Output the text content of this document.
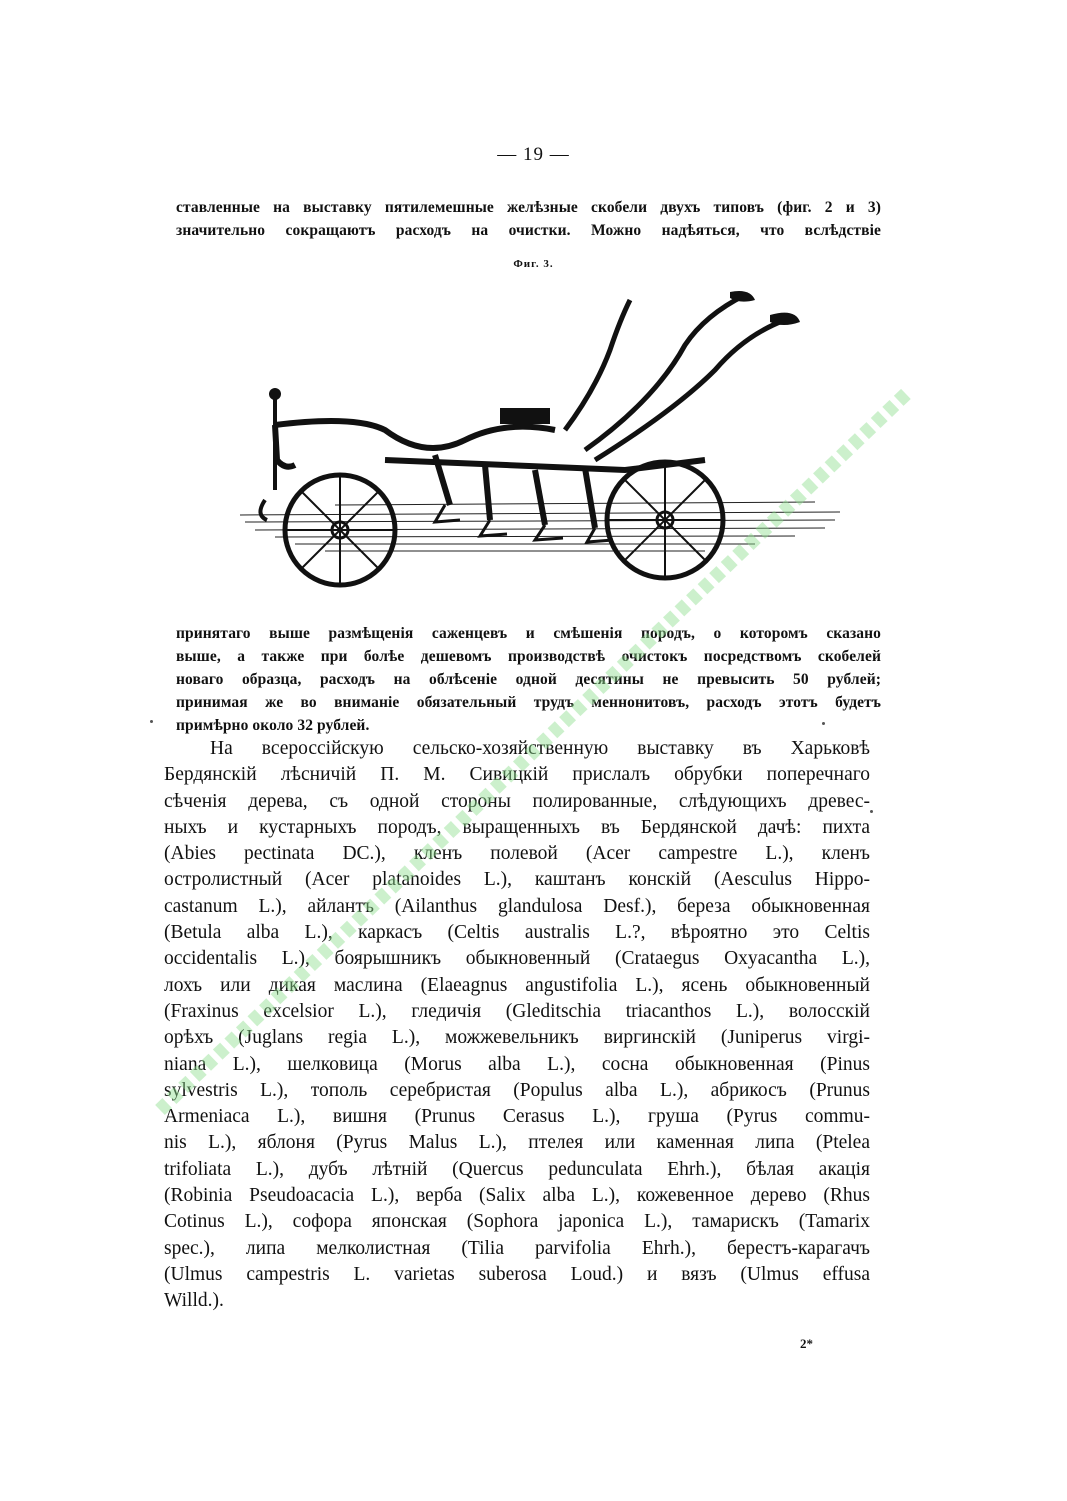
— 19 —
ставленные на выставку пятилемешные желѣзные скобели двухъ типовъ (фиг. 2 и 3)
значительно сокращаютъ расходъ на очистки. Можно надѣяться, что вслѣдствіе
Фиг. 3.
принятаго выше размѣщенія саженцевъ и смѣшенія породъ, о которомъ сказано
выше, а также при болѣе дешевомъ производствѣ очистокъ посредствомъ скобелей
новаго образца, расходъ на облѣсеніе одной десятины не превысить 50 рублей;
принимая же во вниманіе обязательный трудъ меннонитовъ, расходъ этотъ будетъ
примѣрно около 32 рублей.
На всероссійскую сельско-хозяйственную выставку въ Харьковѣ
Бердянскій лѣсничій П. М. Сивицкій прислалъ обрубки поперечнаго
сѣченія дерева, съ одной стороны полированные, слѣдующихъ древес-
ныхъ и кустарныхъ породъ, выращенныхъ въ Бердянской дачѣ: пихта
(Abies pectinata DC.), кленъ полевой (Acer campestre L.), кленъ
остролистный (Acer platanoides L.), каштанъ конскій (Aesculus Hippo-
castanum L.), айлантъ (Ailanthus glandulosa Desf.), береза обыкновенная
(Betula alba L.), каркасъ (Celtis australis L.?, вѣроятно это Celtis
occidentalis L.), боярышникъ обыкновенный (Crataegus Oxyacantha L.),
лохъ или дикая маслина (Elaeagnus angustifolia L.), ясень обыкновенный
(Fraxinus excelsior L.), гледичія (Gleditschia triacanthos L.), волосскій
орѣхъ (Juglans regia L.), можжевельникъ виргинскій (Juniperus virgi-
niana L.), шелковица (Morus alba L.), сосна обыкновенная (Pinus
sylvestris L.), тополь серебристая (Populus alba L.), абрикосъ (Prunus
Armeniaca L.), вишня (Prunus Cerasus L.), груша (Pyrus commu-
nis L.), яблоня (Pyrus Malus L.), птелея или каменная липа (Ptelea
trifoliata L.), дубъ лѣтній (Quercus pedunculata Ehrh.), бѣлая акація
(Robinia Pseudoacacia L.), верба (Salix alba L.), кожевенное дерево (Rhus
Cotinus L.), софора японская (Sophora japonica L.), тамарискъ (Tamarix
spec.), липа мелколистная (Tilia parvifolia Ehrh.), берестъ-карагачъ
(Ulmus campestris L. varietas suberosa Loud.) и вязъ (Ulmus effusa
Willd.).
2*
